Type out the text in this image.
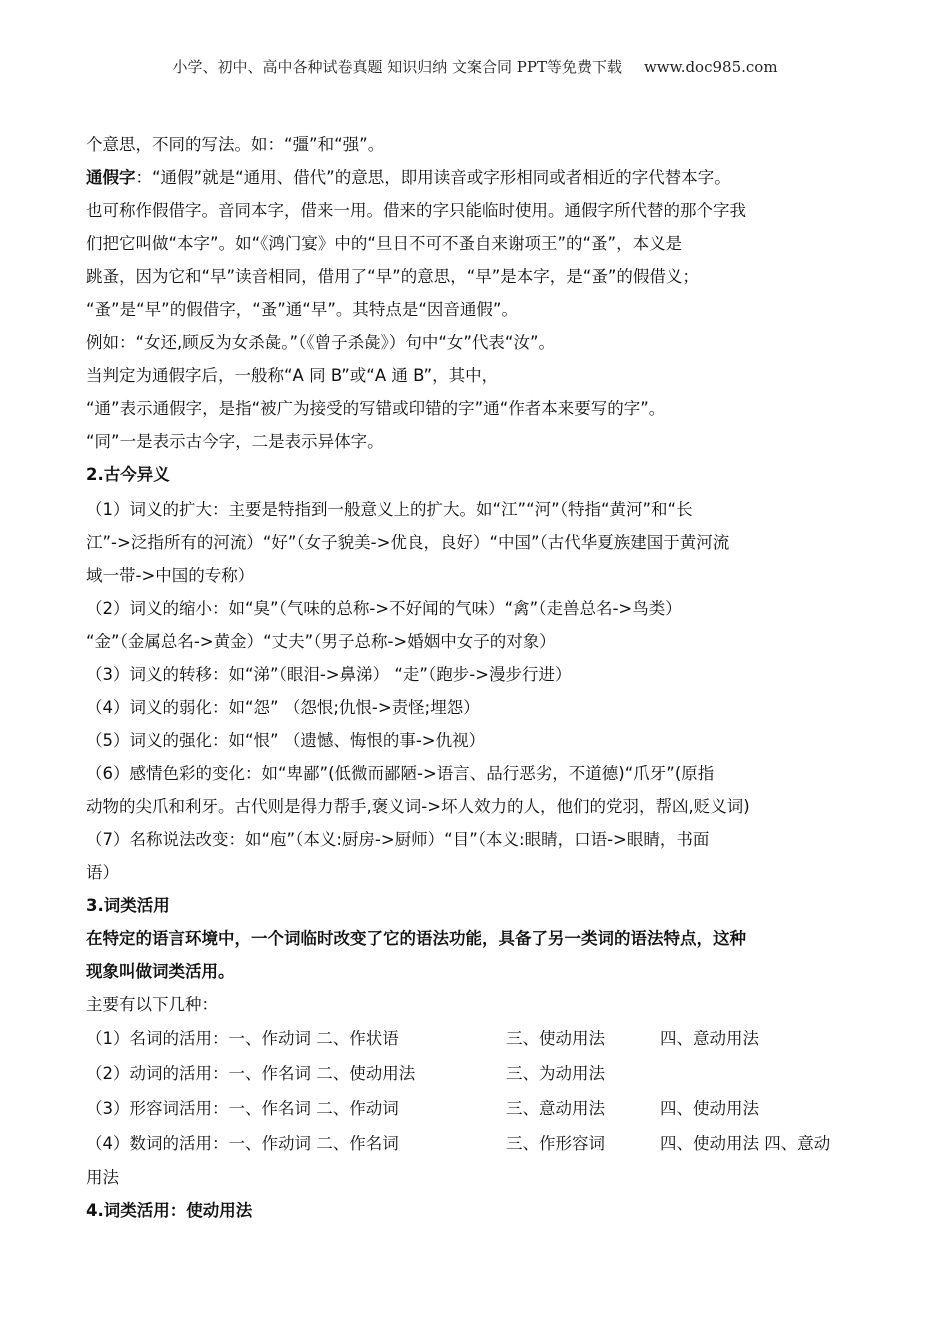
小学、初中、高中各种试卷真题 知识归纳 文案合同 PPT等免费下载 www.doc985.com

个意思，不同的写法。如：“彊”和“强”。

通假字：“通假”就是“通用、借代”的意思，即用读音或字形相同或者相近的字代替本字。

也可称作假借字。音同本字，借来一用。借来的字只能临时使用。通假字所代替的那个字我

们把它叫做“本字”。如“《鸿门宴》中的“旦日不可不蚤自来谢项王”的“蚤”，本义是

跳蚤，因为它和“早”读音相同，借用了“早”的意思，“早”是本字，是“蚤”的假借义；

“蚤”是“早”的假借字，“蚤”通“早”。其特点是“因音通假”。

例如：“女还,顾反为女杀彘。”（《曾子杀彘》）句中“女”代表“汝”。

当判定为通假字后，一般称“A 同 B”或“A 通 B”，其中，

“通”表示通假字，是指“被广为接受的写错或印错的字”通“作者本来要写的字”。

“同”一是表示古今字，二是表示异体字。

2.古今异义

（1）词义的扩大：主要是特指到一般意义上的扩大。如“江”“河”（特指“黄河”和“长

江”->泛指所有的河流）“好”（女子貌美->优良，良好）“中国”（古代华夏族建国于黄河流

域一带->中国的专称）

（2）词义的缩小：如“臭”（气味的总称->不好闻的气味）“禽”（走兽总名->鸟类）

“金”（金属总名->黄金）“丈夫”（男子总称->婚姻中女子的对象）

（3）词义的转移：如“涕”（眼泪->鼻涕） “走”（跑步->漫步行进）

（4）词义的弱化：如“怨” （怨恨;仇恨->责怪;埋怨）

（5）词义的强化：如“恨” （遗憾、悔恨的事->仇视）

（6）感情色彩的变化：如“卑鄙”(低微而鄙陋->语言、品行恶劣，不道德)“爪牙”(原指

动物的尖爪和利牙。古代则是得力帮手,褒义词->坏人效力的人，他们的党羽，帮凶,贬义词)

（7）名称说法改变：如“庖”（本义:厨房->厨师）“目”（本义:眼睛，口语->眼睛，书面

语）

3.词类活用

在特定的语言环境中，一个词临时改变了它的语法功能，具备了另一类词的语法特点，这种

现象叫做词类活用。

主要有以下几种：

（1）名词的活用：一、作动词 二、作状语	三、使动用法	四、意动用法
（2）动词的活用：一、作名词 二、使动用法	三、为动用法
（3）形容词活用：一、作名词 二、作动词	三、意动用法	四、使动用法
（4）数词的活用：一、作动词 二、作名词	三、作形容词	四、使动用法 四、意动

用法

4.词类活用：使动用法
